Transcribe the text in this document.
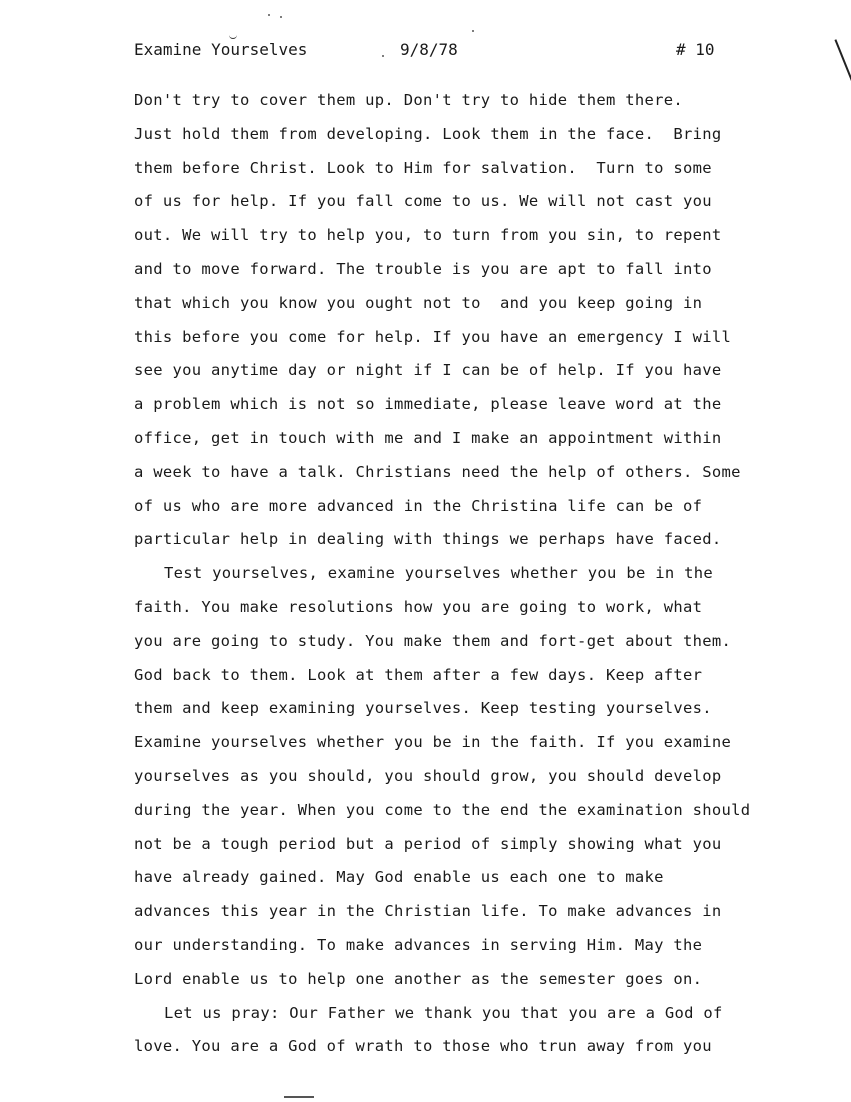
Examine Yourselves	9/8/78	# 10
Don't try to cover them up. Don't try to hide them there.
Just hold them from developing. Look them in the face.  Bring
them before Christ. Look to Him for salvation.  Turn to some
of us for help. If you fall come to us. We will not cast you
out. We will try to help you, to turn from you sin, to repent
and to move forward. The trouble is you are apt to fall into
that which you know you ought not to  and you keep going in
this before you come for help. If you have an emergency I will
see you anytime day or night if I can be of help. If you have
a problem which is not so immediate, please leave word at the
office, get in touch with me and I make an appointment within
a week to have a talk. Christians need the help of others. Some
of us who are more advanced in the Christina life can be of
particular help in dealing with things we perhaps have faced.
Test yourselves, examine yourselves whether you be in the
faith. You make resolutions how you are going to work, what
you are going to study. You make them and fort-get about them.
God back to them. Look at them after a few days. Keep after
them and keep examining yourselves. Keep testing yourselves.
Examine yourselves whether you be in the faith. If you examine
yourselves as you should, you should grow, you should develop
during the year. When you come to the end the examination should
not be a tough period but a period of simply showing what you
have already gained. May God enable us each one to make
advances this year in the Christian life. To make advances in
our understanding. To make advances in serving Him. May the
Lord enable us to help one another as the semester goes on.
Let us pray: Our Father we thank you that you are a God of
love. You are a God of wrath to those who trun away from you
